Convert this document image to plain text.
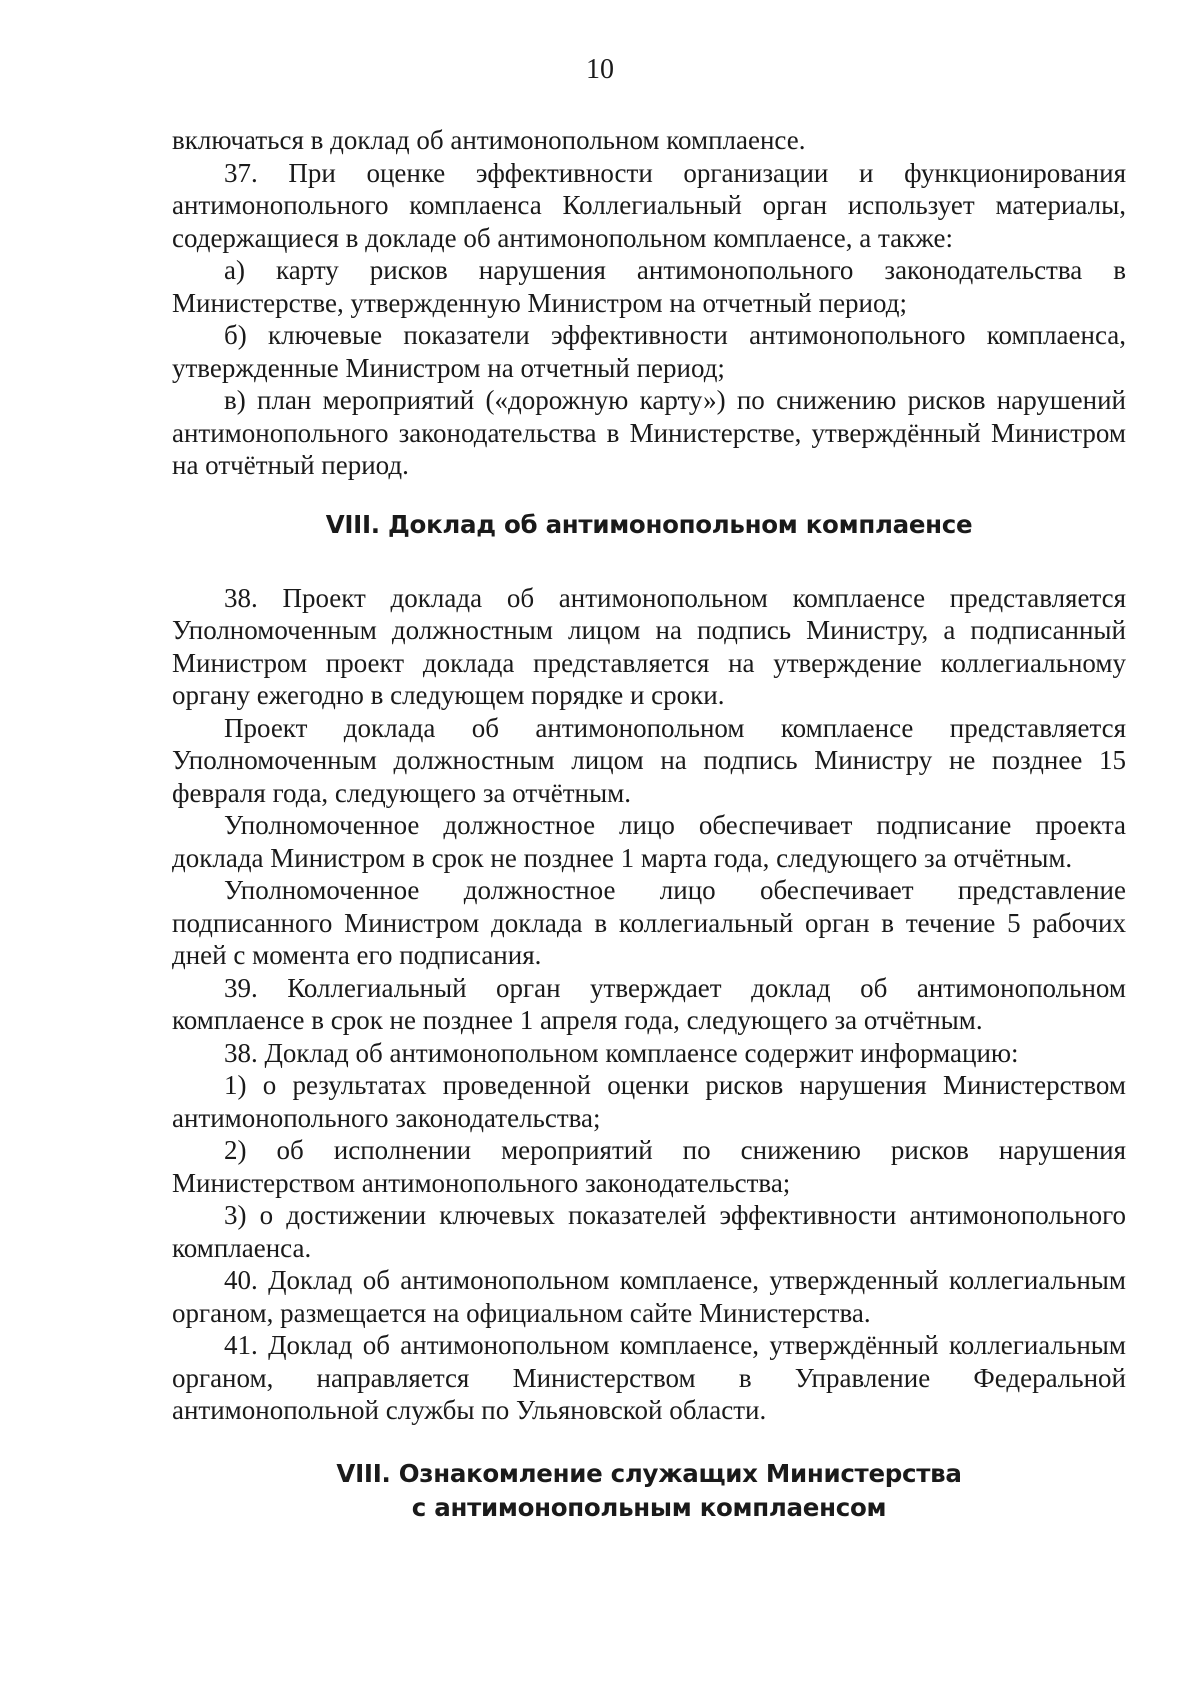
10

включаться в доклад об антимонопольном комплаенсе.

37. При оценке эффективности организации и функционирования антимонопольного комплаенса Коллегиальный орган использует материалы, содержащиеся в докладе об антимонопольном комплаенсе, а также:

а) карту рисков нарушения антимонопольного законодательства в Министерстве, утвержденную Министром на отчетный период;

б) ключевые показатели эффективности антимонопольного комплаенса, утвержденные Министром на отчетный период;

в) план мероприятий («дорожную карту») по снижению рисков нарушений антимонопольного законодательства в Министерстве, утверждённый Министром на отчётный период.

VIII. Доклад об антимонопольном комплаенсе

38. Проект доклада об антимонопольном комплаенсе представляется Уполномоченным должностным лицом на подпись Министру, а подписанный Министром проект доклада представляется на утверждение коллегиальному органу ежегодно в следующем порядке и сроки.

Проект доклада об антимонопольном комплаенсе представляется Уполномоченным должностным лицом на подпись Министру не позднее 15 февраля года, следующего за отчётным.

Уполномоченное должностное лицо обеспечивает подписание проекта доклада Министром в срок не позднее 1 марта года, следующего за отчётным.

Уполномоченное должностное лицо обеспечивает представление подписанного Министром доклада в коллегиальный орган в течение 5 рабочих дней с момента его подписания.

39. Коллегиальный орган утверждает доклад об антимонопольном комплаенсе в срок не позднее 1 апреля года, следующего за отчётным.

38. Доклад об антимонопольном комплаенсе содержит информацию:

1) о результатах проведенной оценки рисков нарушения Министерством антимонопольного законодательства;

2) об исполнении мероприятий по снижению рисков нарушения Министерством антимонопольного законодательства;

3) о достижении ключевых показателей эффективности антимонопольного комплаенса.

40. Доклад об антимонопольном комплаенсе, утвержденный коллегиальным органом, размещается на официальном сайте Министерства.

41. Доклад об антимонопольном комплаенсе, утверждённый коллегиальным органом, направляется Министерством в Управление Федеральной антимонопольной службы по Ульяновской области.

VIII. Ознакомление служащих Министерства
с антимонопольным комплаенсом
